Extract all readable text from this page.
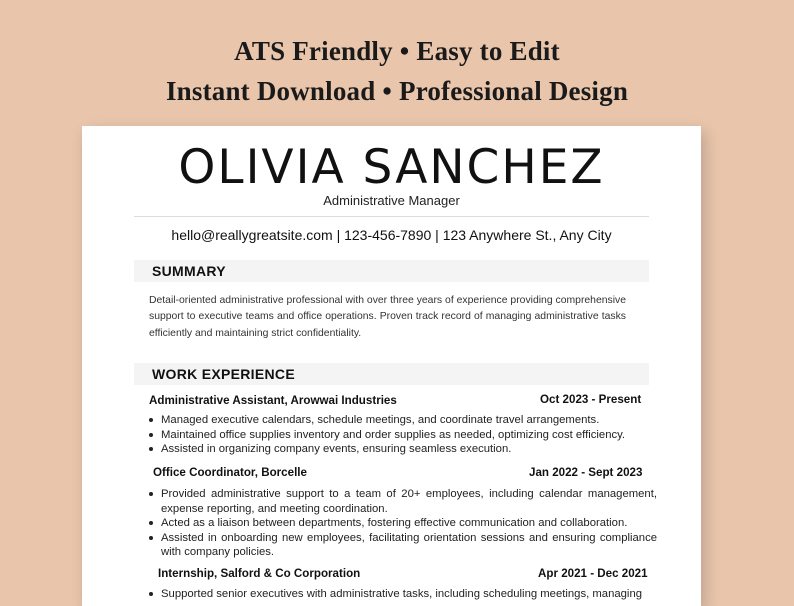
ATS Friendly • Easy to Edit
Instant Download • Professional Design
OLIVIA SANCHEZ
Administrative Manager
hello@reallygreatsite.com | 123-456-7890 | 123 Anywhere St., Any City
SUMMARY
Detail-oriented administrative professional with over three years of experience providing comprehensive support to executive teams and office operations. Proven track record of managing administrative tasks efficiently and maintaining strict confidentiality.
WORK EXPERIENCE
Administrative Assistant, Arowwai Industries	Oct 2023 - Present
Managed executive calendars, schedule meetings, and coordinate travel arrangements.
Maintained office supplies inventory and order supplies as needed, optimizing cost efficiency.
Assisted in organizing company events, ensuring seamless execution.
Office Coordinator, Borcelle	Jan 2022 - Sept 2023
Provided administrative support to a team of 20+ employees, including calendar management, expense reporting, and meeting coordination.
Acted as a liaison between departments, fostering effective communication and collaboration.
Assisted in onboarding new employees, facilitating orientation sessions and ensuring compliance with company policies.
Internship, Salford & Co Corporation	Apr 2021 - Dec 2021
Supported senior executives with administrative tasks, including scheduling meetings, managing
